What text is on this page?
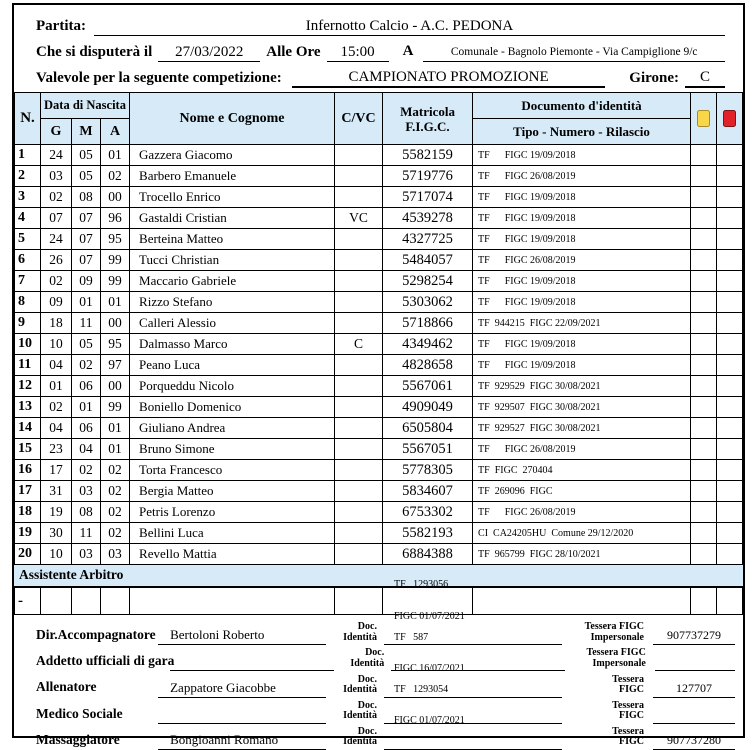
Partita:	Infernotto Calcio - A.C. PEDONA
Che si disputerà il	27/03/2022	Alle Ore	15:00	A	Comunale - Bagnolo Piemonte - Via Campiglione 9/c
Valevole per la seguente competizione:	CAMPIONATO PROMOZIONE	Girone:	C
N.	Data di Nascita			Nome e Cognome	C/VC	Matricola
F.I.G.C.	Documento d'identità		
	G	M	A				Tipo - Numero - Rilascio		
1	24	05	01	Gazzera Giacomo		5582159	TF      FIGC 19/09/2018		
2	03	05	02	Barbero Emanuele		5719776	TF      FIGC 26/08/2019		
3	02	08	00	Trocello Enrico		5717074	TF      FIGC 19/09/2018		
4	07	07	96	Gastaldi Cristian	VC	4539278	TF      FIGC 19/09/2018		
5	24	07	95	Berteina Matteo		4327725	TF      FIGC 19/09/2018		
6	26	07	99	Tucci Christian		5484057	TF      FIGC 26/08/2019		
7	02	09	99	Maccario Gabriele		5298254	TF      FIGC 19/09/2018		
8	09	01	01	Rizzo Stefano		5303062	TF      FIGC 19/09/2018		
9	18	11	00	Calleri Alessio		5718866	TF  944215  FIGC 22/09/2021		
10	10	05	95	Dalmasso Marco	C	4349462	TF      FIGC 19/09/2018		
11	04	02	97	Peano Luca		4828658	TF      FIGC 19/09/2018		
12	01	06	00	Porqueddu Nicolo		5567061	TF  929529  FIGC 30/08/2021		
13	02	01	99	Boniello Domenico		4909049	TF  929507  FIGC 30/08/2021		
14	04	06	01	Giuliano Andrea		6505804	TF  929527  FIGC 30/08/2021		
15	23	04	01	Bruno Simone		5567051	TF      FIGC 26/08/2019		
16	17	02	02	Torta Francesco		5778305	TF  FIGC  270404		
17	31	03	02	Bergia Matteo		5834607	TF  269096  FIGC		
18	19	08	02	Petris Lorenzo		6753302	TF      FIGC 26/08/2019		
19	30	11	02	Bellini Luca		5582193	CI  CA24205HU  Comune 29/12/2020		
20	10	03	03	Revello Mattia		6884388	TF  965799  FIGC 28/10/2021		
Assistente Arbitro
-									
Dir.Accompagnatore	Bertoloni Roberto
Doc.
Identità

TF   1293056

FIGC 01/07/2021

Tessera FIGC
Impersonale	907737279
Addetto ufficiali di gara
Doc.
Identità

Tessera FIGC
Impersonale
Allenatore	Zappatore Giacobbe
Doc.
Identità

TF   587

FIGC 16/07/2021

Tessera
FIGC	127707
Medico Sociale
Doc.
Identità

Tessera
FIGC
Massaggiatore	Bongioanni Romano
Doc.
Identità

TF   1293054

FIGC 01/07/2021

Tessera
FIGC	907737280
